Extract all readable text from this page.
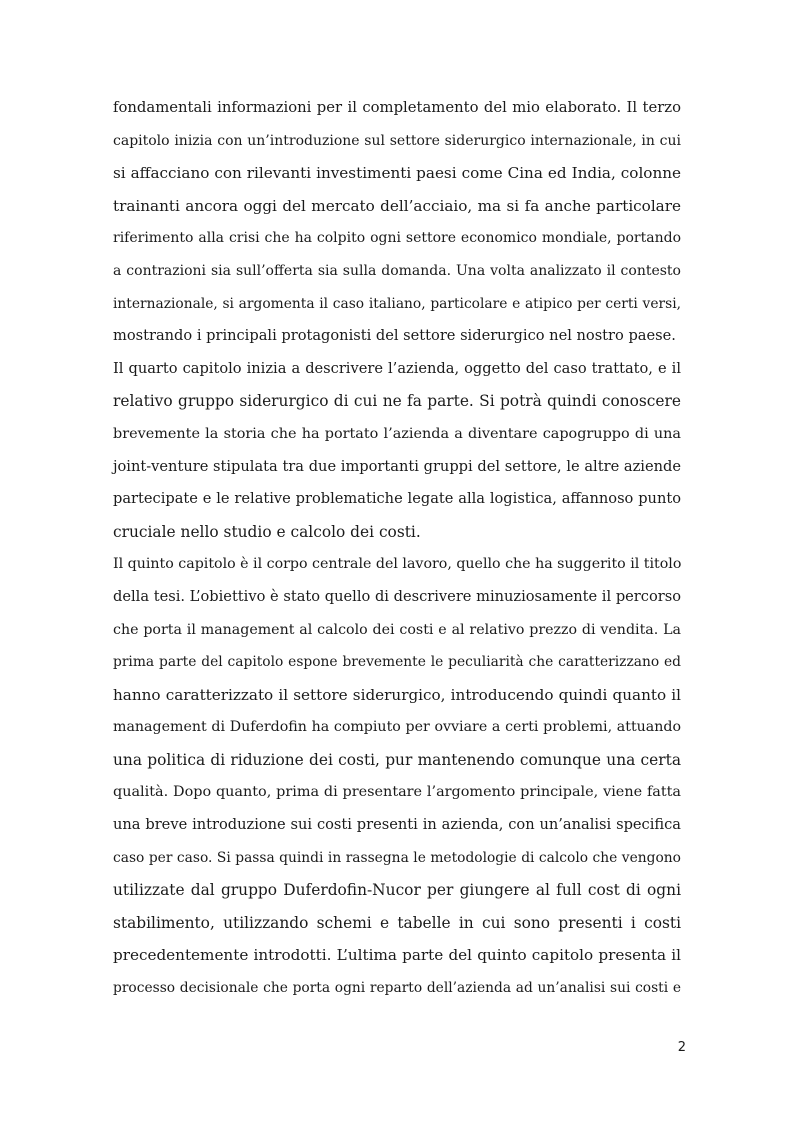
fondamentali informazioni per il completamento del mio elaborato. Il terzo
capitolo inizia con un’introduzione sul settore siderurgico internazionale, in cui
si affacciano con rilevanti investimenti paesi come Cina ed India, colonne
trainanti ancora oggi del mercato dell’acciaio, ma si fa anche particolare
riferimento alla crisi che ha colpito ogni settore economico mondiale, portando
a contrazioni sia sull’offerta sia sulla domanda. Una volta analizzato il contesto
internazionale, si argomenta il caso italiano, particolare e atipico per certi versi,
mostrando i principali protagonisti del settore siderurgico nel nostro paese.
Il quarto capitolo inizia a descrivere l’azienda, oggetto del caso trattato, e il
relativo gruppo siderurgico di cui ne fa parte. Si potrà quindi conoscere
brevemente la storia che ha portato l’azienda a diventare capogruppo di una
joint-venture stipulata tra due importanti gruppi del settore, le altre aziende
partecipate e le relative problematiche legate alla logistica, affannoso punto
cruciale nello studio e calcolo dei costi.
Il quinto capitolo è il corpo centrale del lavoro, quello che ha suggerito il titolo
della tesi. L’obiettivo è stato quello di descrivere minuziosamente il percorso
che porta il management al calcolo dei costi e al relativo prezzo di vendita. La
prima parte del capitolo espone brevemente le peculiarità che caratterizzano ed
hanno caratterizzato il settore siderurgico, introducendo quindi quanto il
management di Duferdofin ha compiuto per ovviare a certi problemi, attuando
una politica di riduzione dei costi, pur mantenendo comunque una certa
qualità. Dopo quanto, prima di presentare l’argomento principale, viene fatta
una breve introduzione sui costi presenti in azienda, con un’analisi specifica
caso per caso. Si passa quindi in rassegna le metodologie di calcolo che vengono
utilizzate dal gruppo Duferdofin-Nucor per giungere al full cost di ogni
stabilimento, utilizzando schemi e tabelle in cui sono presenti i costi
precedentemente introdotti. L’ultima parte del quinto capitolo presenta il
processo decisionale che porta ogni reparto dell’azienda ad un’analisi sui costi e
2
